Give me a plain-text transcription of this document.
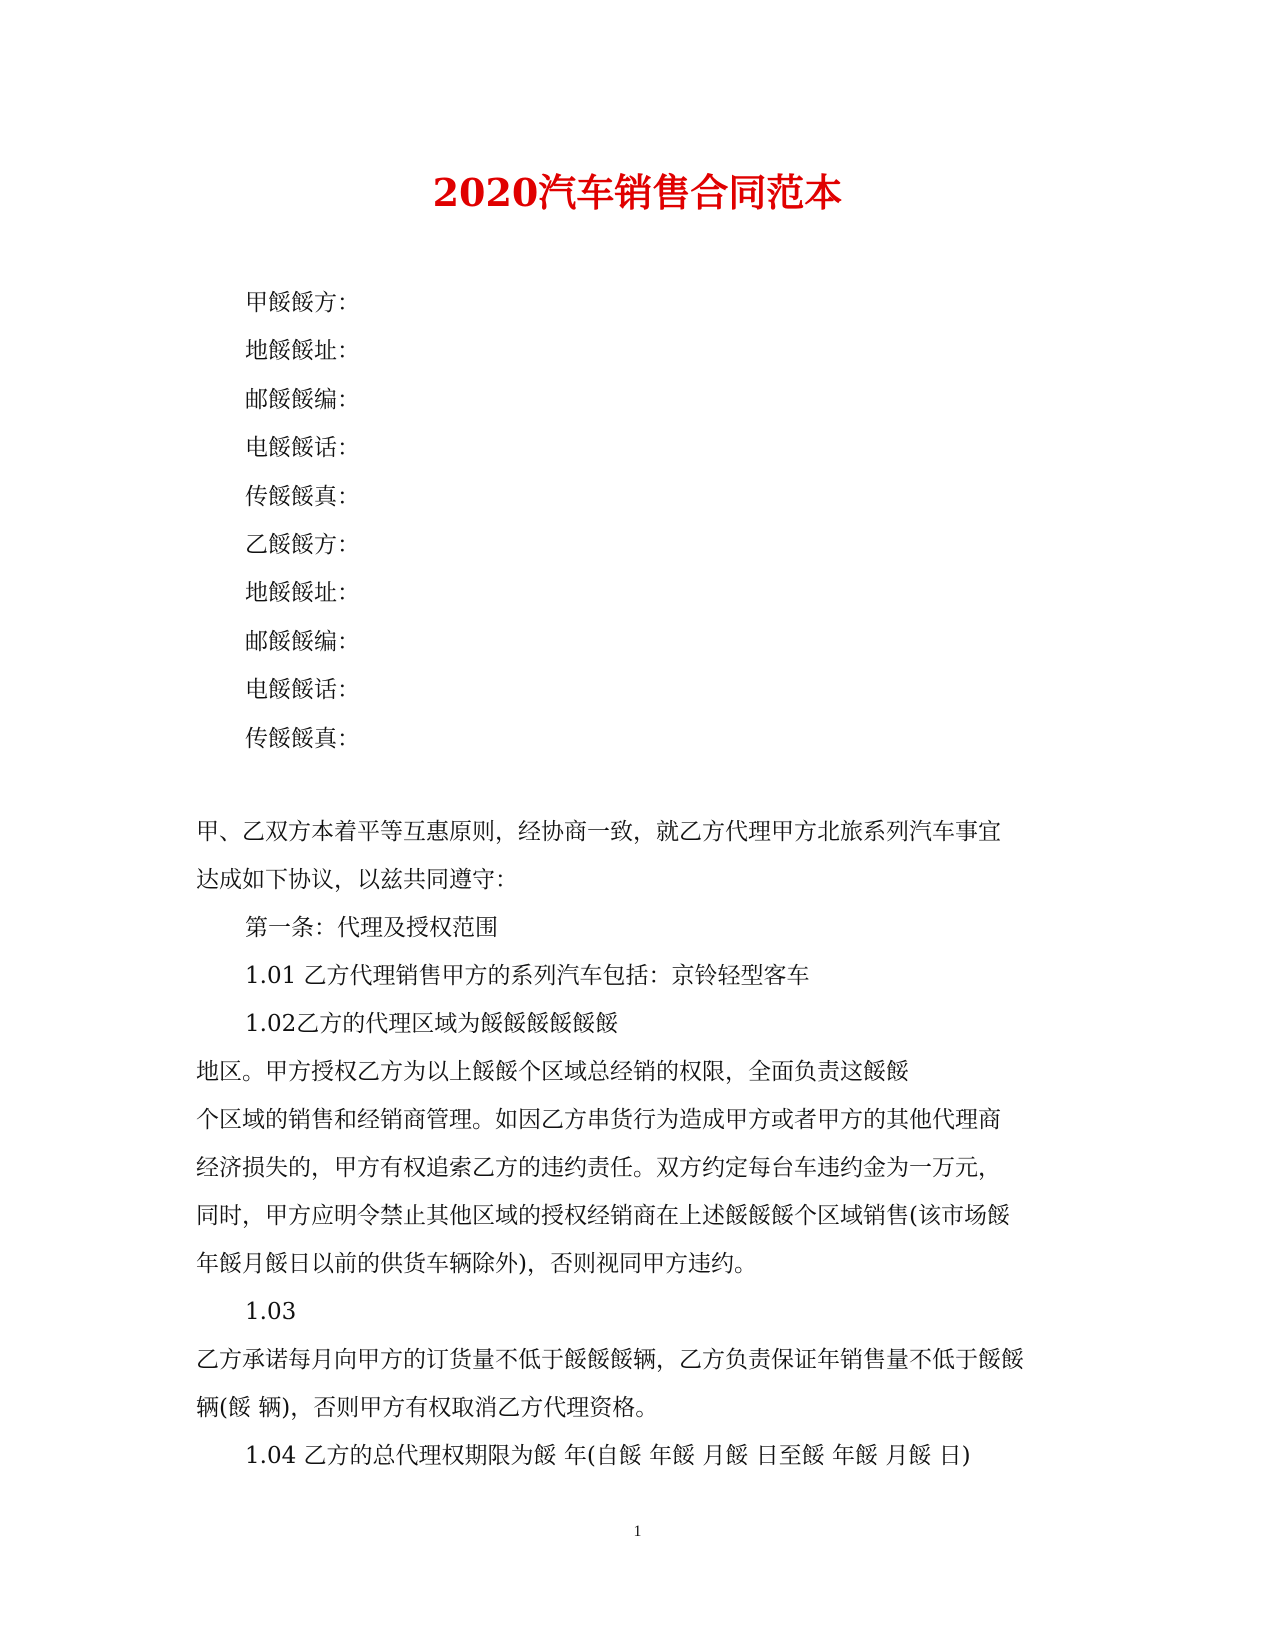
2020汽车销售合同范本
甲餒餒方：
地餒餒址：
邮餒餒编：
电餒餒话：
传餒餒真：
乙餒餒方：
地餒餒址：
邮餒餒编：
电餒餒话：
传餒餒真：
甲、乙双方本着平等互惠原则，经协商一致，就乙方代理甲方北旅系列汽车事宜
达成如下协议，以兹共同遵守：
第一条：代理及授权范围
1.01 乙方代理销售甲方的系列汽车包括：京铃轻型客车
1.02乙方的代理区域为餒餒餒餒餒餒
地区。甲方授权乙方为以上餒餒个区域总经销的权限，全面负责这餒餒
个区域的销售和经销商管理。如因乙方串货行为造成甲方或者甲方的其他代理商
经济损失的，甲方有权追索乙方的违约责任。双方约定每台车违约金为一万元，
同时，甲方应明令禁止其他区域的授权经销商在上述餒餒餒个区域销售(该市场餒
年餒月餒日以前的供货车辆除外)，否则视同甲方违约。
1.03
乙方承诺每月向甲方的订货量不低于餒餒餒辆，乙方负责保证年销售量不低于餒餒
辆(餒 辆)，否则甲方有权取消乙方代理资格。
1.04 乙方的总代理权期限为餒 年(自餒 年餒 月餒 日至餒 年餒 月餒 日)
1
